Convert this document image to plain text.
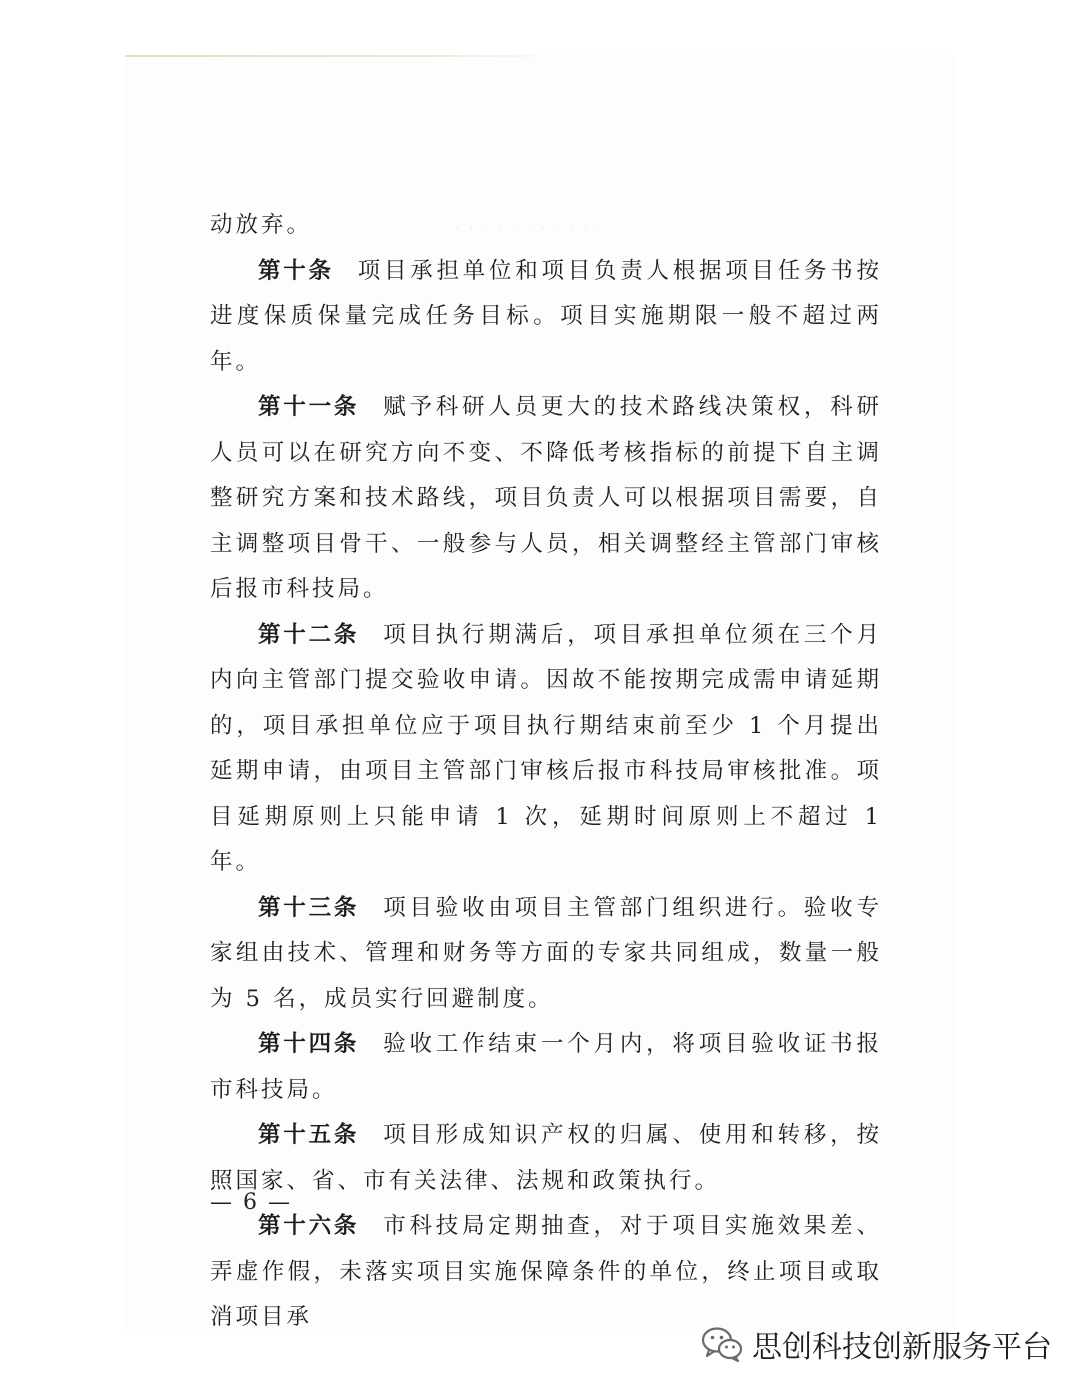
· · · · · · · · · · ·

动放弃。

第十条 项目承担单位和项目负责人根据项目任务书按进度保质保量完成任务目标。项目实施期限一般不超过两年。

第十一条 赋予科研人员更大的技术路线决策权，科研人员可以在研究方向不变、不降低考核指标的前提下自主调整研究方案和技术路线，项目负责人可以根据项目需要，自主调整项目骨干、一般参与人员，相关调整经主管部门审核后报市科技局。

第十二条 项目执行期满后，项目承担单位须在三个月内向主管部门提交验收申请。因故不能按期完成需申请延期的，项目承担单位应于项目执行期结束前至少 1 个月提出延期申请，由项目主管部门审核后报市科技局审核批准。项目延期原则上只能申请 1 次，延期时间原则上不超过 1 年。

第十三条 项目验收由项目主管部门组织进行。验收专家组由技术、管理和财务等方面的专家共同组成，数量一般为 5 名，成员实行回避制度。

第十四条 验收工作结束一个月内，将项目验收证书报市科技局。

第十五条 项目形成知识产权的归属、使用和转移，按照国家、省、市有关法律、法规和政策执行。

第十六条 市科技局定期抽查，对于项目实施效果差、弄虚作假，未落实项目实施保障条件的单位，终止项目或取消项目承

— 6 —
思创科技创新服务平台
